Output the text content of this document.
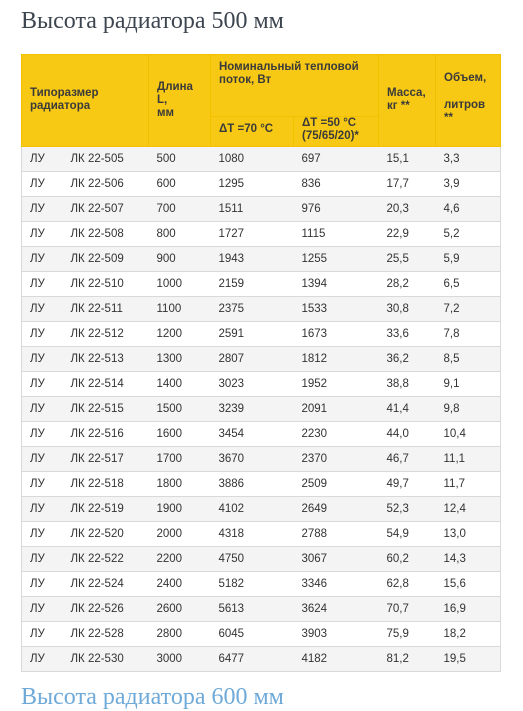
Высота радиатора 500 мм
Типоразмер радиатора		Длина L, мм	Номинальный тепловой поток, Вт		Масса, кг **	Объем,
литров **

			ΔT =70 °C	ΔT =50 °C (75/65/20)*		

ЛУ	ЛК 22-505	500	1080	697	15,1	3,3
ЛУ	ЛК 22-506	600	1295	836	17,7	3,9
ЛУ	ЛК 22-507	700	1511	976	20,3	4,6
ЛУ	ЛК 22-508	800	1727	1115	22,9	5,2
ЛУ	ЛК 22-509	900	1943	1255	25,5	5,9
ЛУ	ЛК 22-510	1000	2159	1394	28,2	6,5
ЛУ	ЛК 22-511	1100	2375	1533	30,8	7,2
ЛУ	ЛК 22-512	1200	2591	1673	33,6	7,8
ЛУ	ЛК 22-513	1300	2807	1812	36,2	8,5
ЛУ	ЛК 22-514	1400	3023	1952	38,8	9,1
ЛУ	ЛК 22-515	1500	3239	2091	41,4	9,8
ЛУ	ЛК 22-516	1600	3454	2230	44,0	10,4
ЛУ	ЛК 22-517	1700	3670	2370	46,7	11,1
ЛУ	ЛК 22-518	1800	3886	2509	49,7	11,7
ЛУ	ЛК 22-519	1900	4102	2649	52,3	12,4
ЛУ	ЛК 22-520	2000	4318	2788	54,9	13,0
ЛУ	ЛК 22-522	2200	4750	3067	60,2	14,3
ЛУ	ЛК 22-524	2400	5182	3346	62,8	15,6
ЛУ	ЛК 22-526	2600	5613	3624	70,7	16,9
ЛУ	ЛК 22-528	2800	6045	3903	75,9	18,2
ЛУ	ЛК 22-530	3000	6477	4182	81,2	19,5
Высота радиатора 600 мм
